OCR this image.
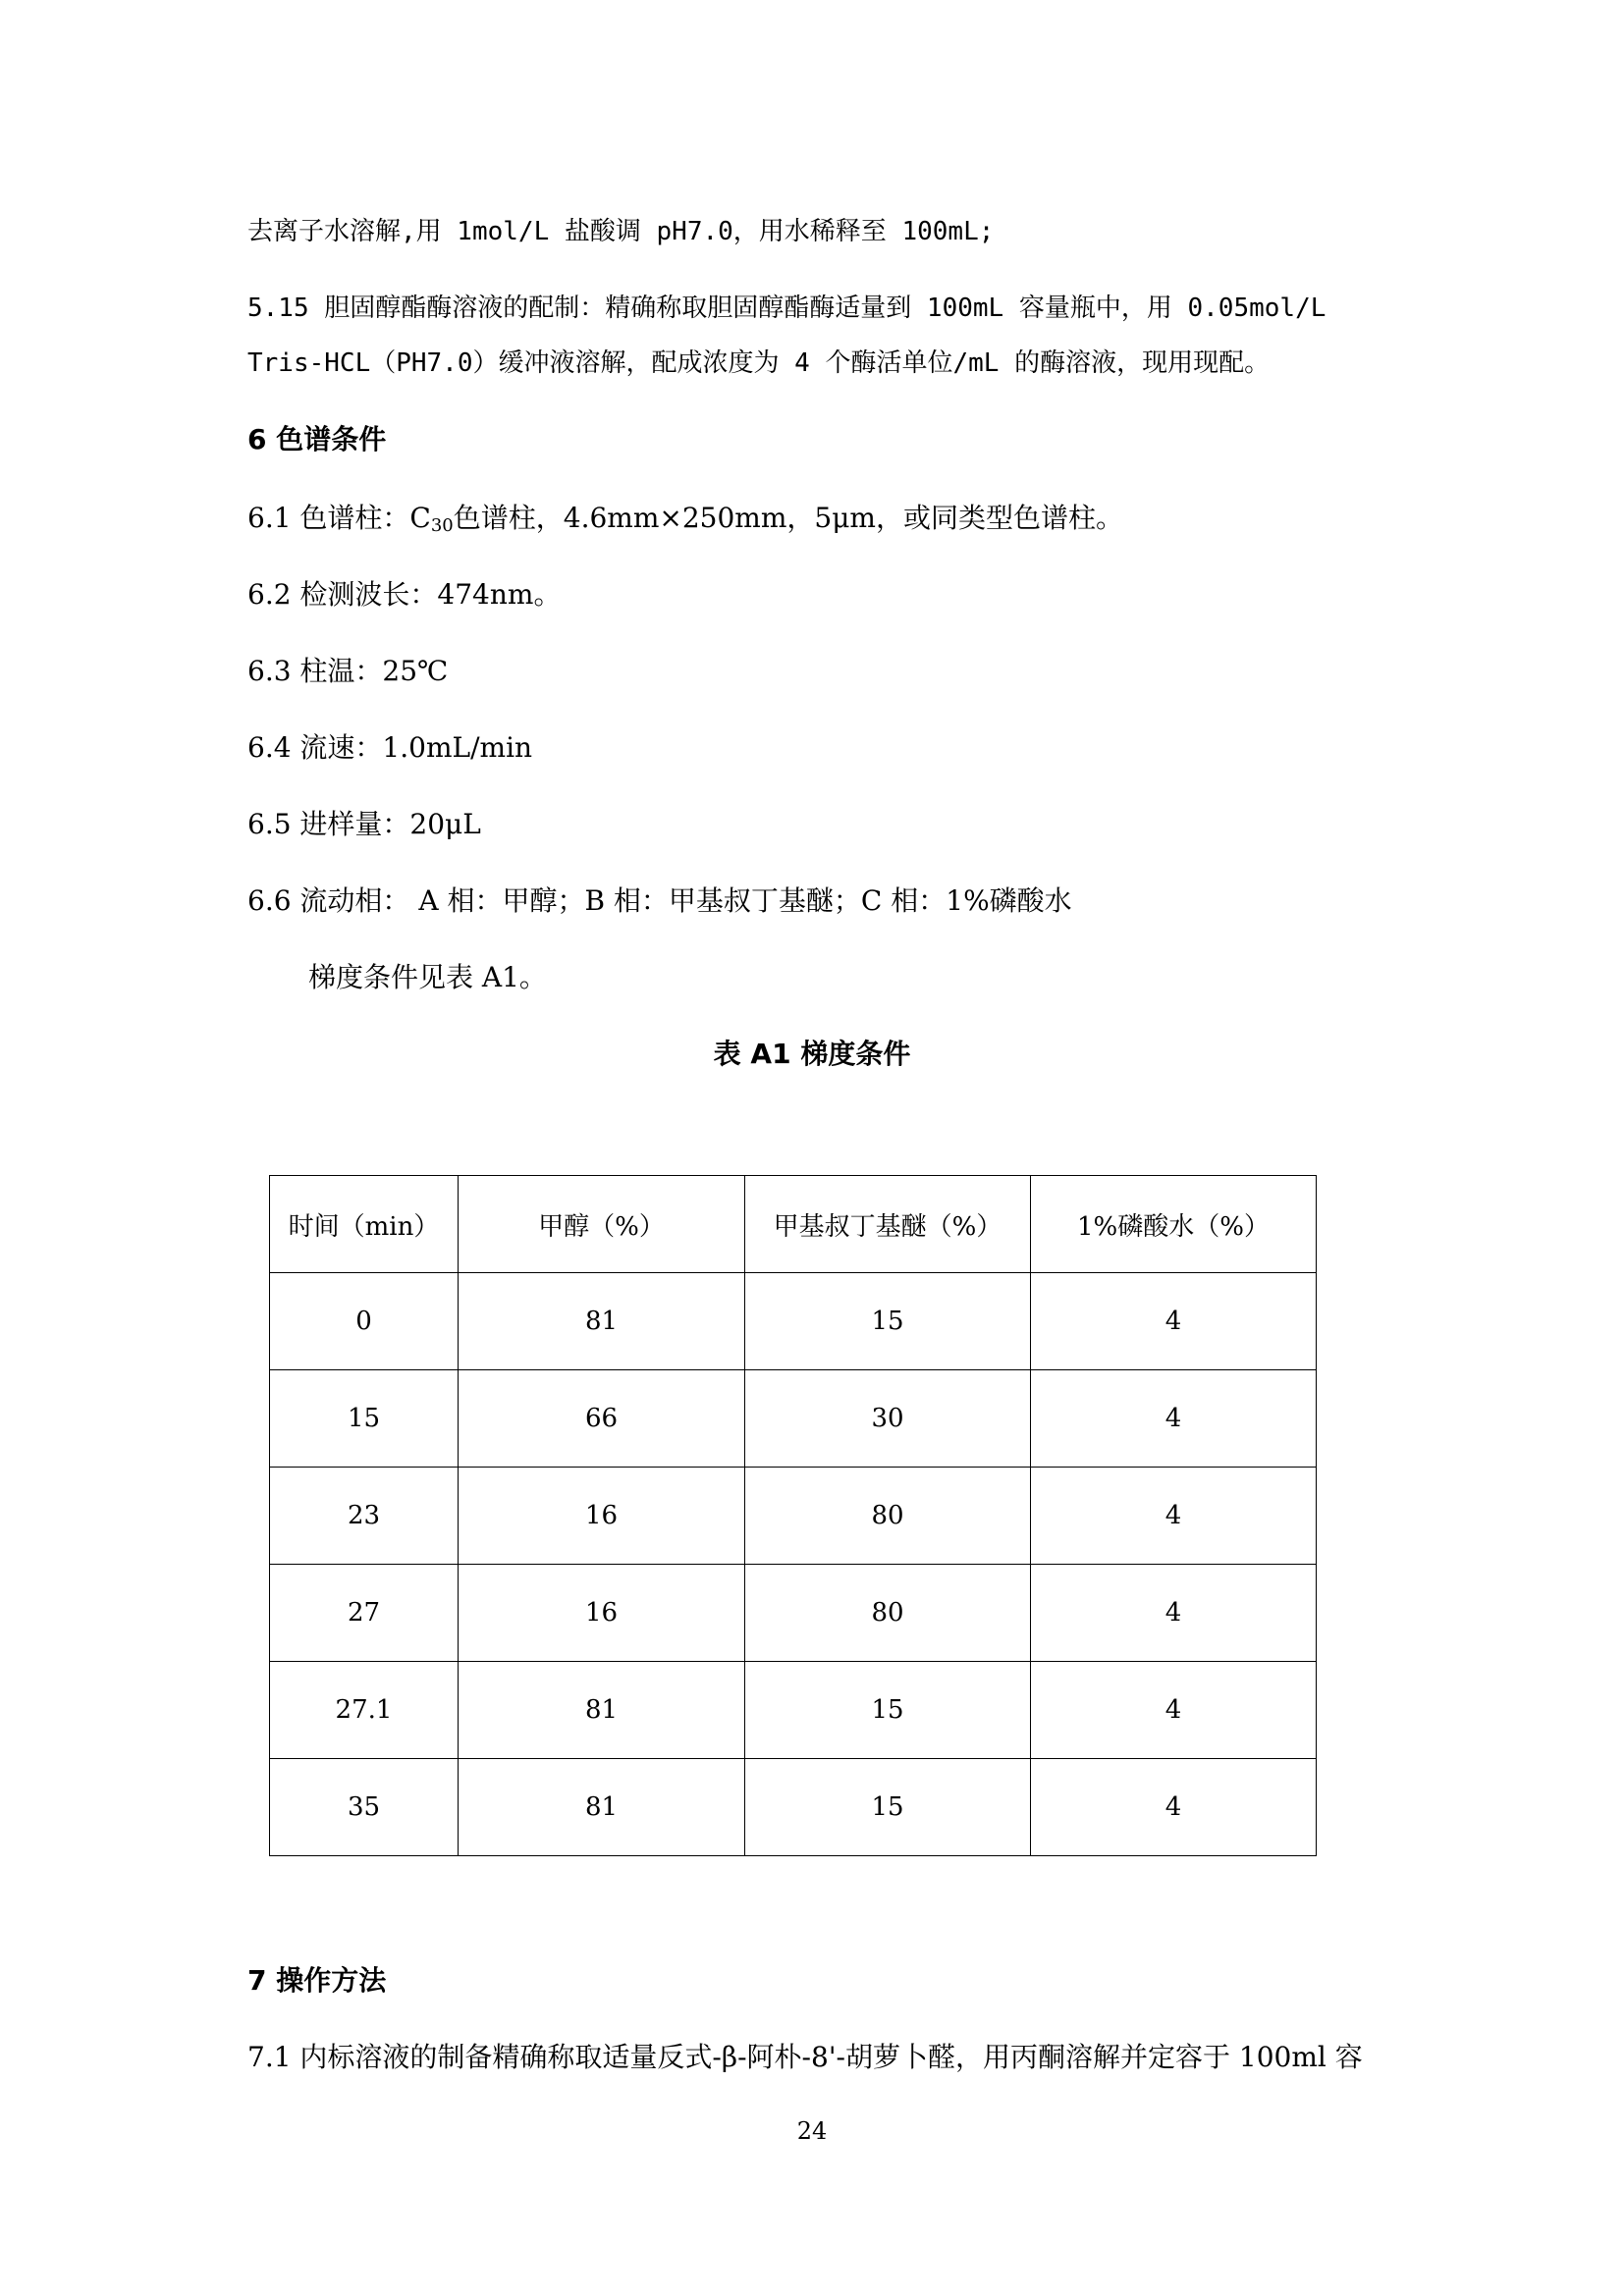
去离子水溶解,用 1mol/L 盐酸调 pH7.0，用水稀释至 100mL;
5.15 胆固醇酯酶溶液的配制：精确称取胆固醇酯酶适量到 100mL 容量瓶中，用 0.05mol/L
Tris-HCL（PH7.0）缓冲液溶解，配成浓度为 4 个酶活单位/mL 的酶溶液，现用现配。
6 色谱条件
6.1 色谱柱：$C_{30}$色谱柱，4.6mm×250mm，5μm，或同类型色谱柱。
6.2 检测波长：474nm。
6.3 柱温：25℃
6.4 流速：1.0mL/min
6.5 进样量：20μL
6.6 流动相： A 相：甲醇；B 相：甲基叔丁基醚；C 相：1%磷酸水
梯度条件见表 A1。
表 A1 梯度条件
时间（min）	甲醇（%）	甲基叔丁基醚（%）	1%磷酸水（%）
0	81	15	4
15	66	30	4
23	16	80	4
27	16	80	4
27.1	81	15	4
35	81	15	4
7 操作方法
7.1 内标溶液的制备精确称取适量反式-β-阿朴-8'-胡萝卜醛，用丙酮溶解并定容于 100ml 容
24
